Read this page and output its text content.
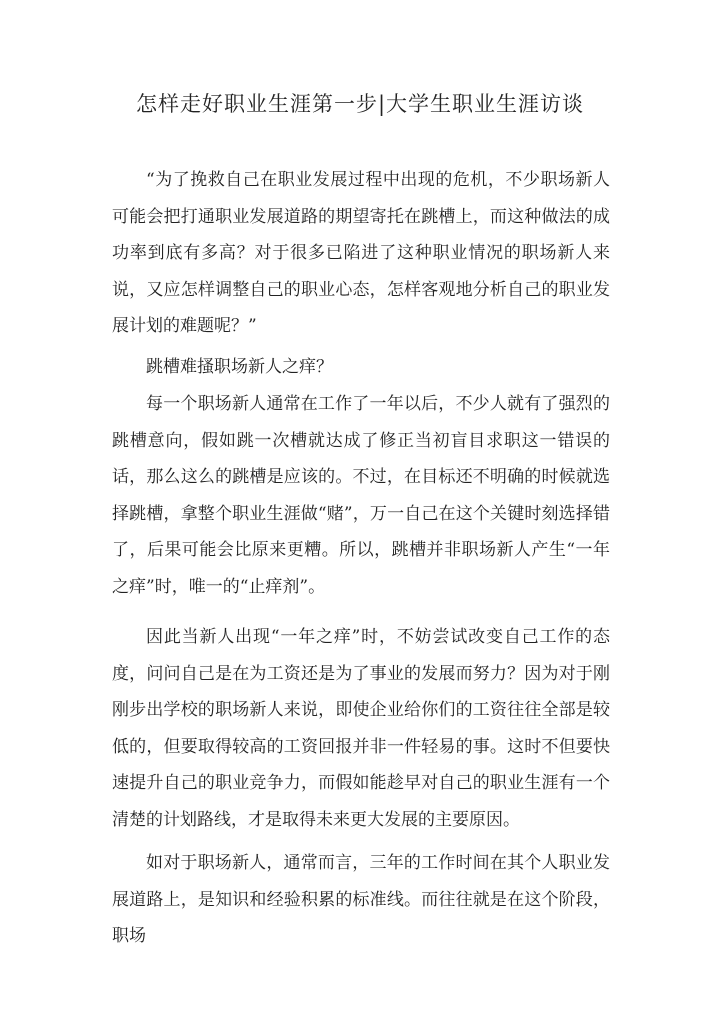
怎样走好职业生涯第一步|大学生职业生涯访谈

“为了挽救自己在职业发展过程中出现的危机，不少职场新人可能会把打通职业发展道路的期望寄托在跳槽上，而这种做法的成功率到底有多高？对于很多已陷进了这种职业情况的职场新人来说，又应怎样调整自己的职业心态，怎样客观地分析自己的职业发展计划的难题呢？”

跳槽难搔职场新人之痒？

每一个职场新人通常在工作了一年以后，不少人就有了强烈的跳槽意向，假如跳一次槽就达成了修正当初盲目求职这一错误的话，那么这么的跳槽是应该的。不过，在目标还不明确的时候就选择跳槽，拿整个职业生涯做“赌”，万一自己在这个关键时刻选择错了，后果可能会比原来更糟。所以，跳槽并非职场新人产生“一年之痒”时，唯一的“止痒剂”。

因此当新人出现“一年之痒”时，不妨尝试改变自己工作的态度，问问自己是在为工资还是为了事业的发展而努力？因为对于刚刚步出学校的职场新人来说，即使企业给你们的工资往往全部是较低的，但要取得较高的工资回报并非一件轻易的事。这时不但要快速提升自己的职业竞争力，而假如能趁早对自己的职业生涯有一个清楚的计划路线，才是取得未来更大发展的主要原因。

如对于职场新人，通常而言，三年的工作时间在其个人职业发展道路上，是知识和经验积累的标准线。而往往就是在这个阶段，职场
